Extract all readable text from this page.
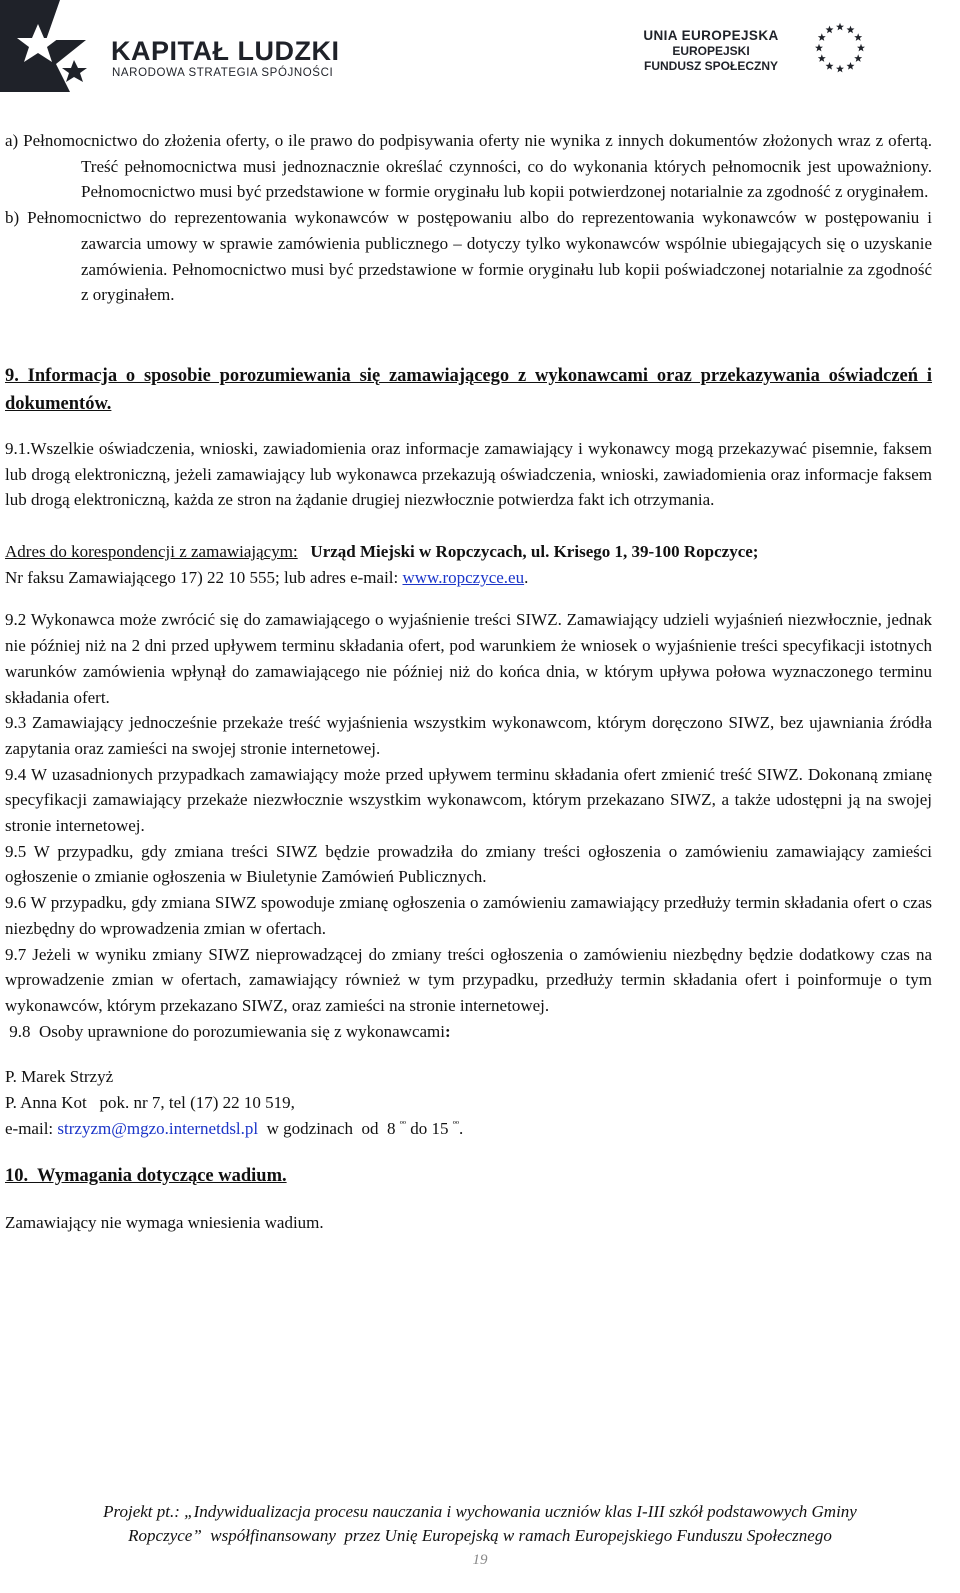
KAPITAŁ LUDZKI
NARODOWA STRATEGIA SPÓJNOŚCI
UNIA EUROPEJSKA
EUROPEJSKI
FUNDUSZ SPOŁECZNY

a) Pełnomocnictwo do złożenia oferty, o ile prawo do podpisywania oferty nie wynika z innych dokumentów złożonych wraz z ofertą. Treść pełnomocnictwa musi jednoznacznie określać czynności, co do wykonania których pełnomocnik jest upoważniony. Pełnomocnictwo musi być przedstawione w formie oryginału lub kopii potwierdzonej notarialnie za zgodność z oryginałem.

b) Pełnomocnictwo do reprezentowania wykonawców w postępowaniu albo do reprezentowania wykonawców w postępowaniu i zawarcia umowy w sprawie zamówienia publicznego – dotyczy tylko wykonawców wspólnie ubiegających się o uzyskanie zamówienia. Pełnomocnictwo musi być przedstawione w formie oryginału lub kopii poświadczonej notarialnie za zgodność z oryginałem.

9. Informacja o sposobie porozumiewania się zamawiającego z wykonawcami oraz przekazywania oświadczeń i dokumentów.

9.1.Wszelkie oświadczenia, wnioski, zawiadomienia oraz informacje zamawiający i wykonawcy mogą przekazywać pisemnie, faksem lub drogą elektroniczną, jeżeli zamawiający lub wykonawca przekazują oświadczenia, wnioski, zawiadomienia oraz informacje faksem lub drogą elektroniczną, każda ze stron na żądanie drugiej niezwłocznie potwierdza fakt ich otrzymania.

Adres do korespondencji z zamawiającym: Urząd Miejski w Ropczycach, ul. Krisego 1, 39-100 Ropczyce;
Nr faksu Zamawiającego 17) 22 10 555; lub adres e-mail: www.ropczyce.eu.

9.2 Wykonawca może zwrócić się do zamawiającego o wyjaśnienie treści SIWZ. Zamawiający udzieli wyjaśnień niezwłocznie, jednak nie później niż na 2 dni przed upływem terminu składania ofert, pod warunkiem że wniosek o wyjaśnienie treści specyfikacji istotnych warunków zamówienia wpłynął do zamawiającego nie później niż do końca dnia, w którym upływa połowa wyznaczonego terminu składania ofert.

9.3 Zamawiający jednocześnie przekaże treść wyjaśnienia wszystkim wykonawcom, którym doręczono SIWZ, bez ujawniania źródła zapytania oraz zamieści na swojej stronie internetowej.

9.4 W uzasadnionych przypadkach zamawiający może przed upływem terminu składania ofert zmienić treść SIWZ. Dokonaną zmianę specyfikacji zamawiający przekaże niezwłocznie wszystkim wykonawcom, którym przekazano SIWZ, a także udostępni ją na swojej stronie internetowej.

9.5 W przypadku, gdy zmiana treści SIWZ będzie prowadziła do zmiany treści ogłoszenia o zamówieniu zamawiający zamieści ogłoszenie o zmianie ogłoszenia w Biuletynie Zamówień Publicznych.

9.6 W przypadku, gdy zmiana SIWZ spowoduje zmianę ogłoszenia o zamówieniu zamawiający przedłuży termin składania ofert o czas niezbędny do wprowadzenia zmian w ofertach.

9.7 Jeżeli w wyniku zmiany SIWZ nieprowadzącej do zmiany treści ogłoszenia o zamówieniu niezbędny będzie dodatkowy czas na wprowadzenie zmian w ofertach, zamawiający również w tym przypadku, przedłuży termin składania ofert i poinformuje o tym wykonawców, którym przekazano SIWZ, oraz zamieści na stronie internetowej.

9.8  Osoby uprawnione do porozumiewania się z wykonawcami:

P. Marek Strzyż
P. Anna Kot   pok. nr 7, tel (17) 22 10 519,
e-mail: strzyzm@mgzo.internetdsl.pl  w godzinach  od  8 $^{ºº}$ do 15 $^{ºº}$.

10.  Wymagania dotyczące wadium.

Zamawiający nie wymaga wniesienia wadium.

Projekt pt.: „Indywidualizacja procesu nauczania i wychowania uczniów klas I-III szkół podstawowych Gminy
Ropczyce”  współfinansowany  przez Unię Europejską w ramach Europejskiego Funduszu Społecznego
19
